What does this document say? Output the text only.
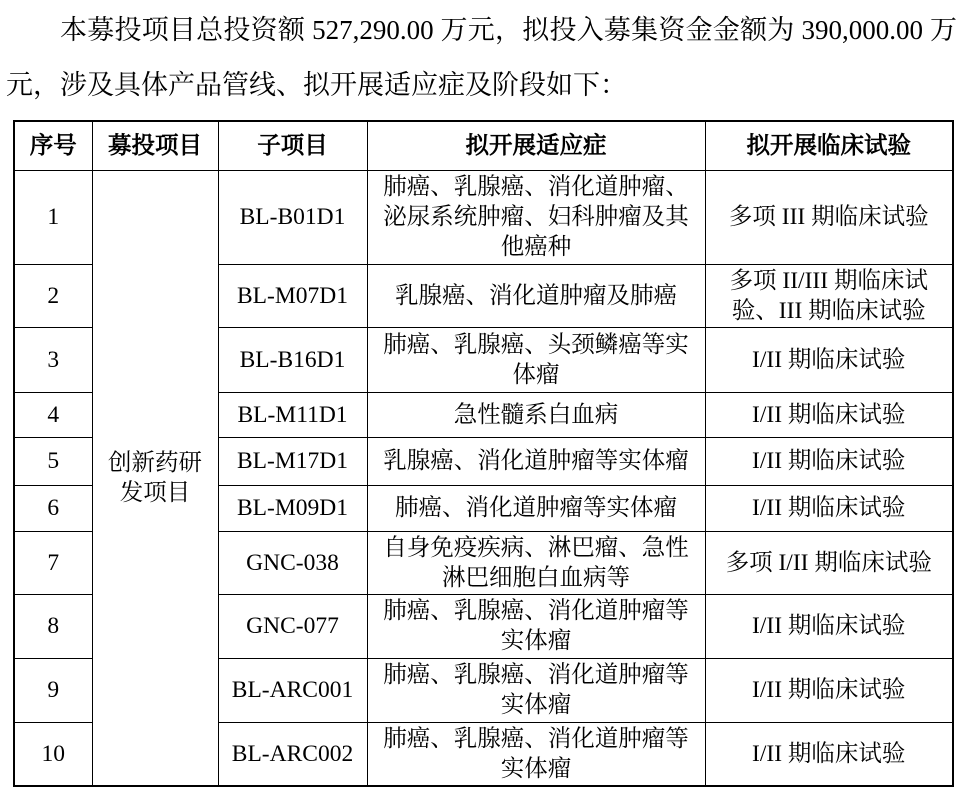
本募投项目总投资额 527,290.00 万元，拟投入募集资金金额为 390,000.00 万元，涉及具体产品管线、拟开展适应症及阶段如下：

序号	募投项目	子项目	拟开展适应症	拟开展临床试验
1	创新药研发项目	BL-B01D1	肺癌、乳腺癌、消化道肿瘤、泌尿系统肿瘤、妇科肿瘤及其他癌种	多项 III 期临床试验

2		BL-M07D1	乳腺癌、消化道肿瘤及肺癌	多项 II/III 期临床试验、III 期临床试验

3		BL-B16D1	肺癌、乳腺癌、头颈鳞癌等实体瘤	I/II 期临床试验

4		BL-M11D1	急性髓系白血病	I/II 期临床试验

5		BL-M17D1	乳腺癌、消化道肿瘤等实体瘤	I/II 期临床试验

6		BL-M09D1	肺癌、消化道肿瘤等实体瘤	I/II 期临床试验

7		GNC-038	自身免疫疾病、淋巴瘤、急性淋巴细胞白血病等	多项 I/II 期临床试验

8		GNC-077	肺癌、乳腺癌、消化道肿瘤等实体瘤	I/II 期临床试验

9		BL-ARC001	肺癌、乳腺癌、消化道肿瘤等实体瘤	I/II 期临床试验

10		BL-ARC002	肺癌、乳腺癌、消化道肿瘤等实体瘤	I/II 期临床试验
